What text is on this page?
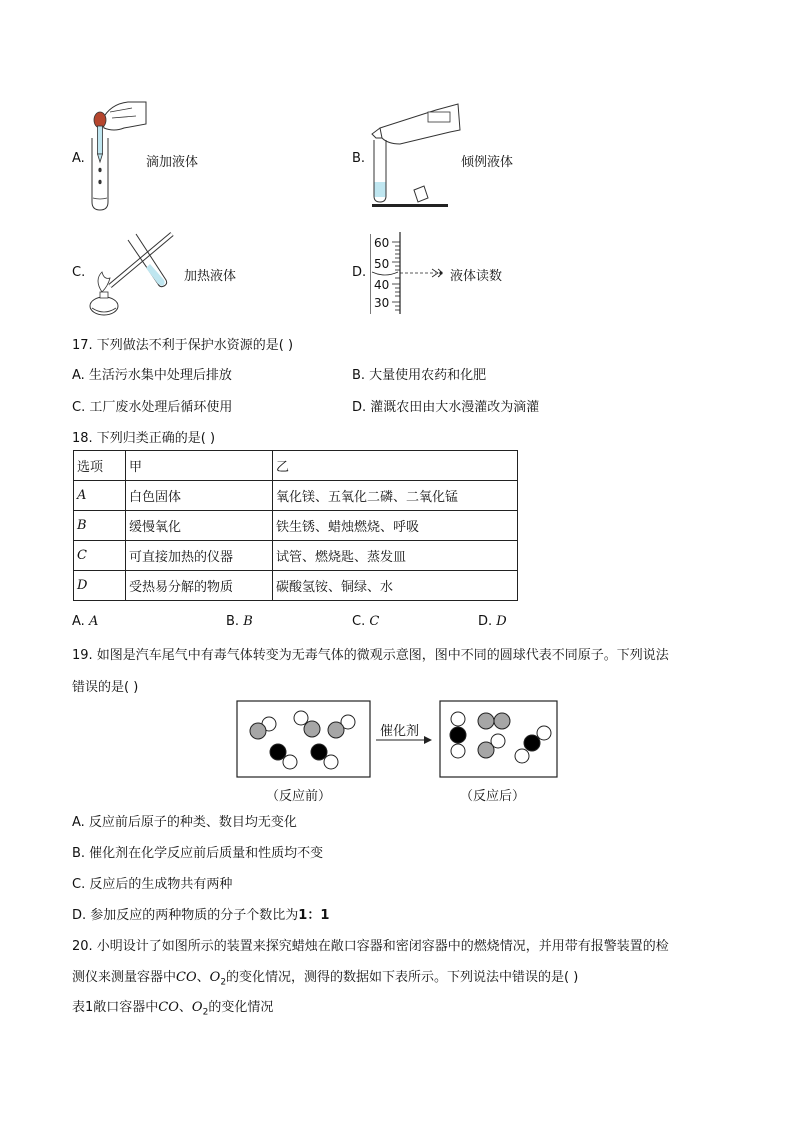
A.	滴加液体	B.	倾例液体
C.	加热液体	D.
60
50
40
30
液体读数
17. 下列做法不利于保护水资源的是( )
A. 生活污水集中处理后排放	B. 大量使用农药和化肥
C. 工厂废水处理后循环使用	D. 灌溉农田由大水漫灌改为滴灌
18. 下列归类正确的是( )
选项	甲	乙
A	白色固体	氧化镁、五氧化二磷、二氧化锰
B	缓慢氧化	铁生锈、蜡烛燃烧、呼吸
C	可直接加热的仪器	试管、燃烧匙、蒸发皿
D	受热易分解的物质	碳酸氢铵、铜绿、水
A. A	B. B	C. C	D. D
19. 如图是汽车尾气中有毒气体转变为无毒气体的微观示意图，图中不同的圆球代表不同原子。下列说法
错误的是( )
催化剂
（反应前）	（反应后）
A. 反应前后原子的种类、数目均无变化
B. 催化剂在化学反应前后质量和性质均不变
C. 反应后的生成物共有两种
D. 参加反应的两种物质的分子个数比为1：1
20. 小明设计了如图所示的装置来探究蜡烛在敞口容器和密闭容器中的燃烧情况，并用带有报警装置的检
测仪来测量容器中CO、$O_2$的变化情况，测得的数据如下表所示。下列说法中错误的是( )
表1敞口容器中CO、$O_2$的变化情况
